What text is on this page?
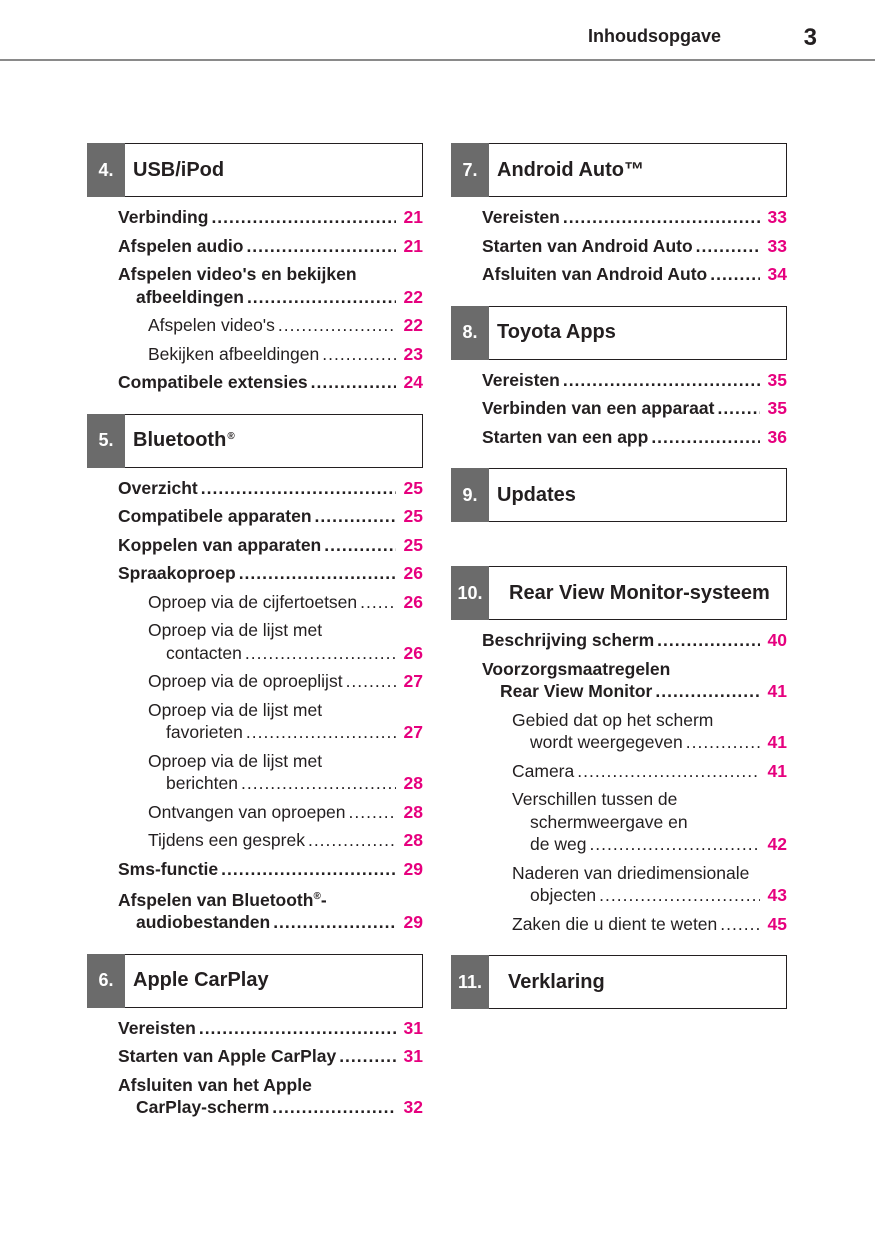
Inhoudsopgave	3
4. USB/iPod
Verbinding .....	21
Afspelen audio .....	21
Afspelen video's en bekijken
afbeeldingen .....	22
Afspelen video's .....	22
Bekijken afbeeldingen .....	23
Compatibele extensies .....	24
5. Bluetooth®
Overzicht .....	25
Compatibele apparaten .....	25
Koppelen van apparaten .....	25
Spraakoproep .....	26
Oproep via de cijfertoetsen .....	26
Oproep via de lijst met
contacten .....	26
Oproep via de oproeplijst .....	27
Oproep via de lijst met
favorieten .....	27
Oproep via de lijst met
berichten .....	28
Ontvangen van oproepen .....	28
Tijdens een gesprek .....	28
Sms-functie .....	29
Afspelen van Bluetooth®-
audiobestanden .....	29
6. Apple CarPlay
Vereisten .....	31
Starten van Apple CarPlay .....	31
Afsluiten van het Apple
CarPlay-scherm .....	32
7. Android Auto™
Vereisten .....	33
Starten van Android Auto .....	33
Afsluiten van Android Auto .....	34
8. Toyota Apps
Vereisten .....	35
Verbinden van een apparaat .....	35
Starten van een app .....	36
9. Updates
10.	Rear View Monitor-systeem
Beschrijving scherm .....	40
Voorzorgsmaatregelen
Rear View Monitor .....	41
Gebied dat op het scherm
wordt weergegeven .....	41
Camera .....	41
Verschillen tussen de
schermweergave en
de weg .....	42
Naderen van driedimensionale
objecten .....	43
Zaken die u dient te weten .....	45
11.	Verklaring
